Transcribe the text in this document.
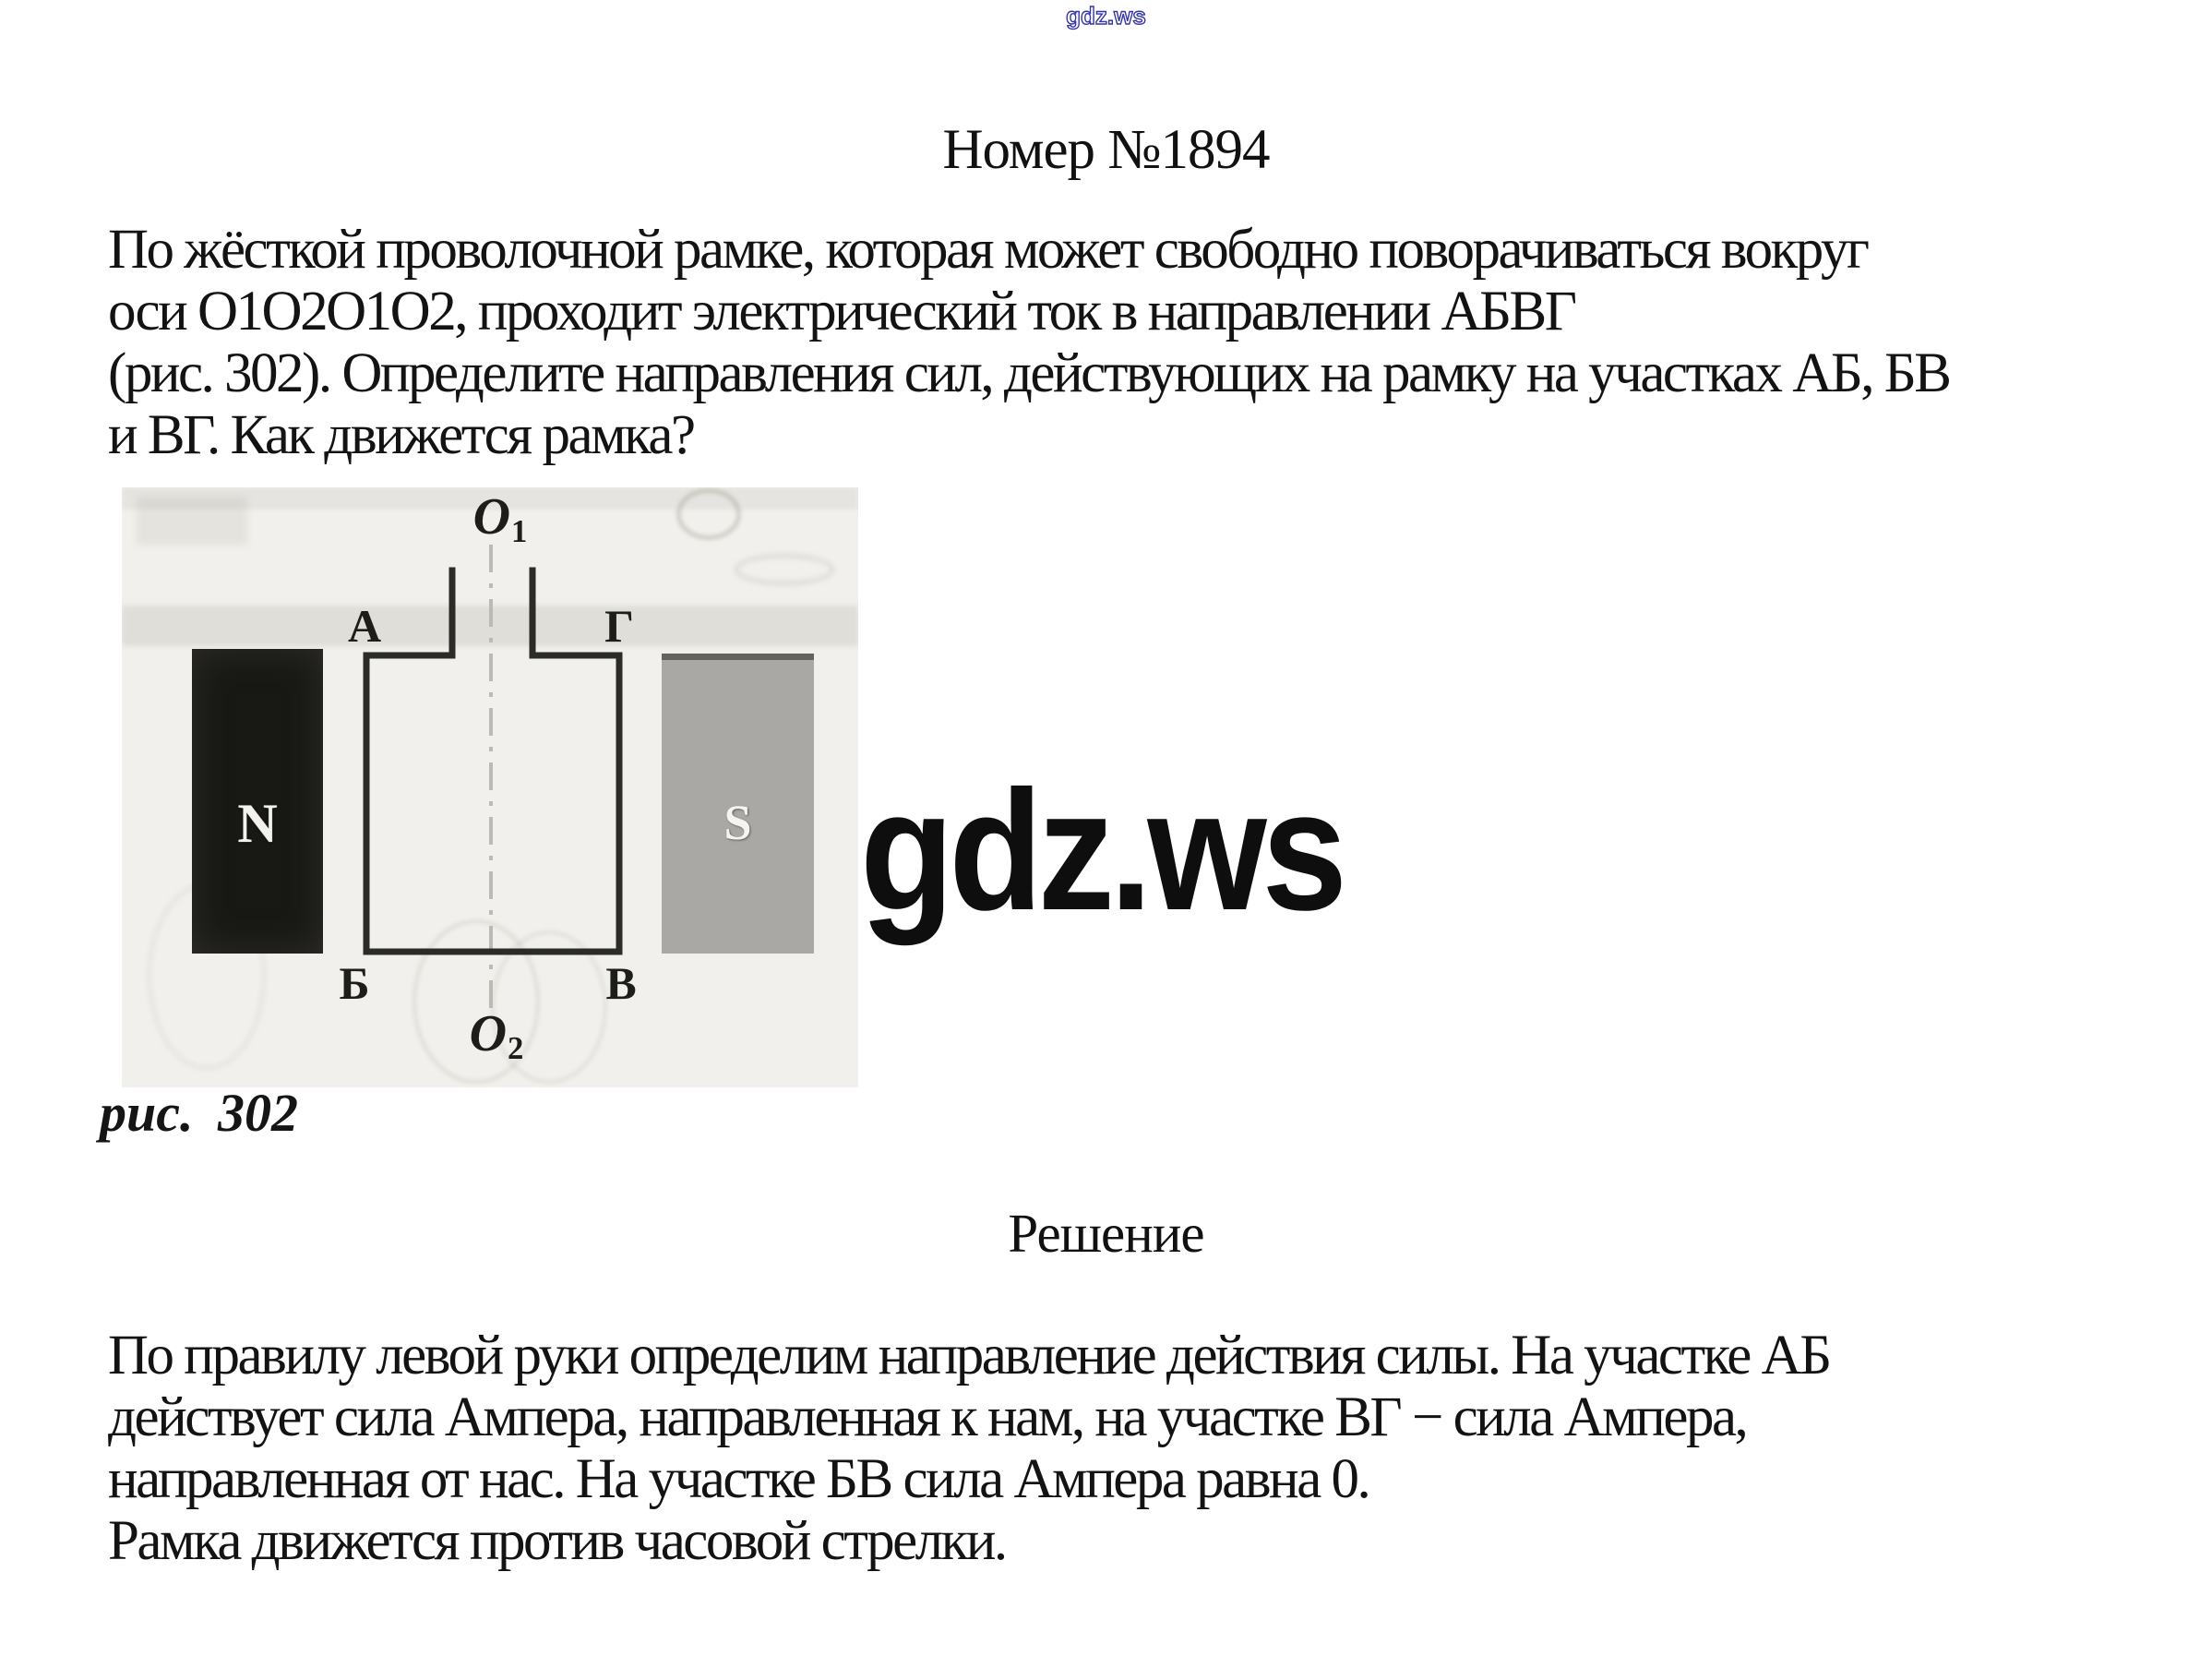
gdz.ws
Номер №1894
По жёсткой проволочной рамке, которая может свободно поворачиваться вокруг
оси О1О2О1О2, проходит электрический ток в направлении АБВГ
(рис. 302). Определите направления сил, действующих на рамку на участках АБ, БВ
и ВГ. Как движется рамка?
N	S
$O_1$
$O_2$
А	Г
Б	В
gdz.ws
рис. 302
Решение
По правилу левой руки определим направление действия силы. На участке АБ
действует сила Ампера, направленная к нам, на участке ВГ − сила Ампера,
направленная от нас. На участке БВ сила Ампера равна 0.
Рамка движется против часовой стрелки.
